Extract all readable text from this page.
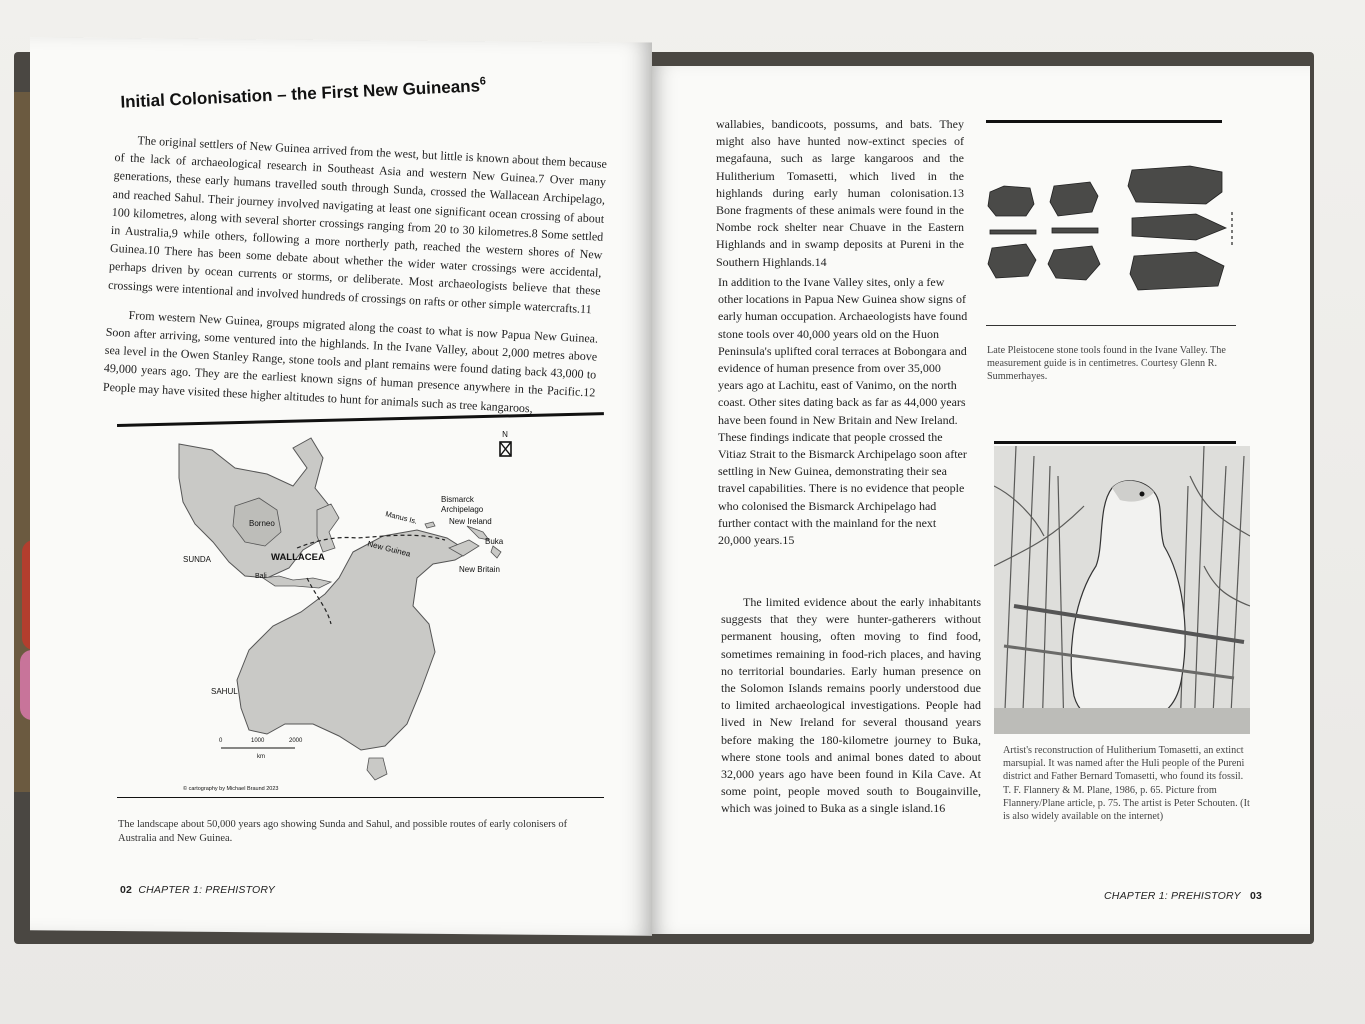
Initial Colonisation – the First New Guineans$^6$

The original settlers of New Guinea arrived from the west, but little is known about them because of the lack of archaeological research in Southeast Asia and western New Guinea.7 Over many generations, these early humans travelled south through Sunda, crossed the Wallacean Archipelago, and reached Sahul. Their journey involved navigating at least one significant ocean crossing of about 100 kilometres, along with several shorter crossings ranging from 20 to 30 kilometres.8 Some settled in Australia,9 while others, following a more northerly path, reached the western shores of New Guinea.10 There has been some debate about whether the wider water crossings were accidental, perhaps driven by ocean currents or storms, or deliberate. Most archaeologists believe that these crossings were intentional and involved hundreds of crossings on rafts or other simple watercrafts.11

From western New Guinea, groups migrated along the coast to what is now Papua New Guinea. Soon after arriving, some ventured into the highlands. In the Ivane Valley, about 2,000 metres above sea level in the Owen Stanley Range, stone tools and plant remains were found dating back 43,000 to 49,000 years ago. They are the earliest known signs of human presence anywhere in the Pacific.12 People may have visited these higher altitudes to hunt for animals such as tree kangaroos,

N
Borneo
SUNDA	WALLACEA
Bali
New Guinea
Manus Is.
Bismarck
Archipelago
New Ireland
Buka
New Britain
SAHUL
0	1000	2000
km
© cartography by Michael Braund 2023
The landscape about 50,000 years ago showing Sunda and Sahul, and possible routes of early colonisers of Australia and New Guinea.
02 CHAPTER 1: PREHISTORY

wallabies, bandicoots, possums, and bats. They might also have hunted now-extinct species of megafauna, such as large kangaroos and the Hulitherium Tomasetti, which lived in the highlands during early human colonisation.13 Bone fragments of these animals were found in the Nombe rock shelter near Chuave in the Eastern Highlands and in swamp deposits at Pureni in the Southern Highlands.14

In addition to the Ivane Valley sites, only a few other locations in Papua New Guinea show signs of early human occupation. Archaeologists have found stone tools over 40,000 years old on the Huon Peninsula's uplifted coral terraces at Bobongara and evidence of human presence from over 35,000 years ago at Lachitu, east of Vanimo, on the north coast. Other sites dating back as far as 44,000 years have been found in New Britain and New Ireland. These findings indicate that people crossed the Vitiaz Strait to the Bismarck Archipelago soon after settling in New Guinea, demonstrating their sea travel capabilities. There is no evidence that people who colonised the Bismarck Archipelago had further contact with the mainland for the next 20,000 years.15

The limited evidence about the early inhabitants suggests that they were hunter-gatherers without permanent housing, often moving to find food, sometimes remaining in food-rich places, and having no territorial boundaries. Early human presence on the Solomon Islands remains poorly understood due to limited archaeological investigations. People had lived in New Ireland for several thousand years before making the 180-kilometre journey to Buka, where stone tools and animal bones dated to about 32,000 years ago have been found in Kila Cave. At some point, people moved south to Bougainville, which was joined to Buka as a single island.16

Late Pleistocene stone tools found in the Ivane Valley. The measurement guide is in centimetres. Courtesy Glenn R. Summerhayes.
Artist's reconstruction of Hulitherium Tomasetti, an extinct marsupial. It was named after the Huli people of the Pureni district and Father Bernard Tomasetti, who found its fossil. T. F. Flannery & M. Plane, 1986, p. 65. Picture from Flannery/Plane article, p. 75. The artist is Peter Schouten. (It is also widely available on the internet)
CHAPTER 1: PREHISTORY 03
